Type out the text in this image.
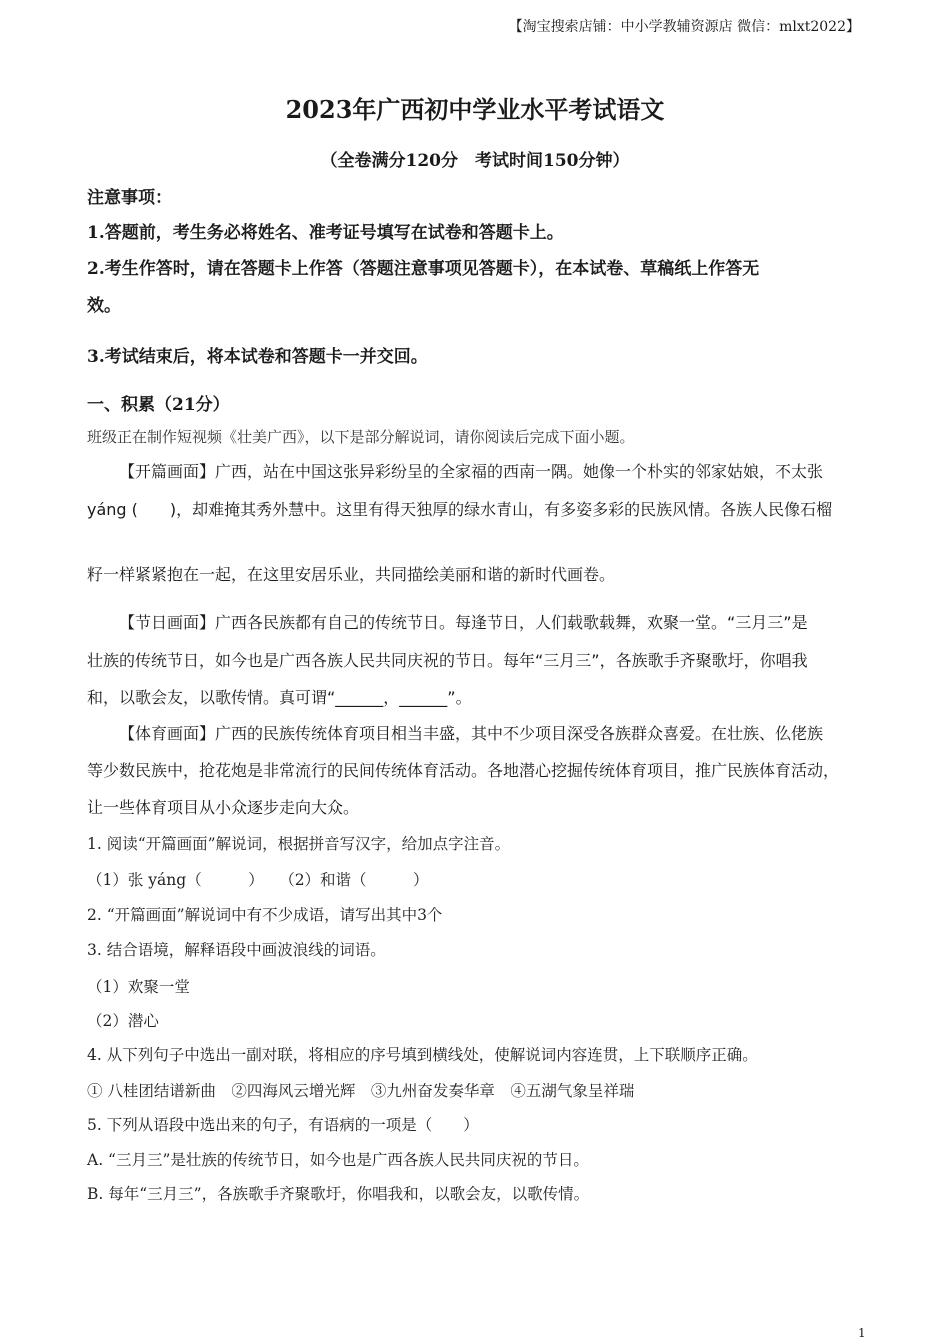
【淘宝搜索店铺：中小学教辅资源店 微信：mlxt2022】
2023年广西初中学业水平考试语文
（全卷满分120分　考试时间150分钟）
注意事项：
1.答题前，考生务必将姓名、准考证号填写在试卷和答题卡上。
2.考生作答时，请在答题卡上作答（答题注意事项见答题卡），在本试卷、草稿纸上作答无
效。
3.考试结束后，将本试卷和答题卡一并交回。
一、积累（21分）
班级正在制作短视频《壮美广西》，以下是部分解说词，请你阅读后完成下面小题。
【开篇画面】广西，站在中国这张异彩纷呈的全家福的西南一隅。她像一个朴实的邻家姑娘，不太张
yáng (　　)，却难掩其秀外慧中。这里有得天独厚的绿水青山，有多姿多彩的民族风情。各族人民像石榴
籽一样紧紧抱在一起，在这里安居乐业，共同描绘美丽和谐的新时代画卷。
【节日画面】广西各民族都有自己的传统节日。每逢节日，人们载歌载舞，欢聚一堂。“三月三”是
壮族的传统节日，如今也是广西各族人民共同庆祝的节日。每年“三月三”，各族歌手齐聚歌圩，你唱我
和，以歌会友，以歌传情。真可谓“______，______”。
【体育画面】广西的民族传统体育项目相当丰盛，其中不少项目深受各族群众喜爱。在壮族、仫佬族
等少数民族中，抢花炮是非常流行的民间传统体育活动。各地潜心挖掘传统体育项目，推广民族体育活动，
让一些体育项目从小众逐步走向大众。
1. 阅读“开篇画面”解说词，根据拼音写汉字，给加点字注音。
（1）张 yáng（　　　）　　（2）和谐（　　　）
2. “开篇画面”解说词中有不少成语，请写出其中3个
3. 结合语境，解释语段中画波浪线的词语。
（1）欢聚一堂
（2）潜心
4. 从下列句子中选出一副对联，将相应的序号填到横线处，使解说词内容连贯，上下联顺序正确。
① 八桂团结谱新曲　②四海风云增光辉　③九州奋发奏华章　④五湖气象呈祥瑞
5. 下列从语段中选出来的句子，有语病的一项是（　　）
A. “三月三”是壮族的传统节日，如今也是广西各族人民共同庆祝的节日。
B. 每年“三月三”，各族歌手齐聚歌圩，你唱我和，以歌会友，以歌传情。
1
